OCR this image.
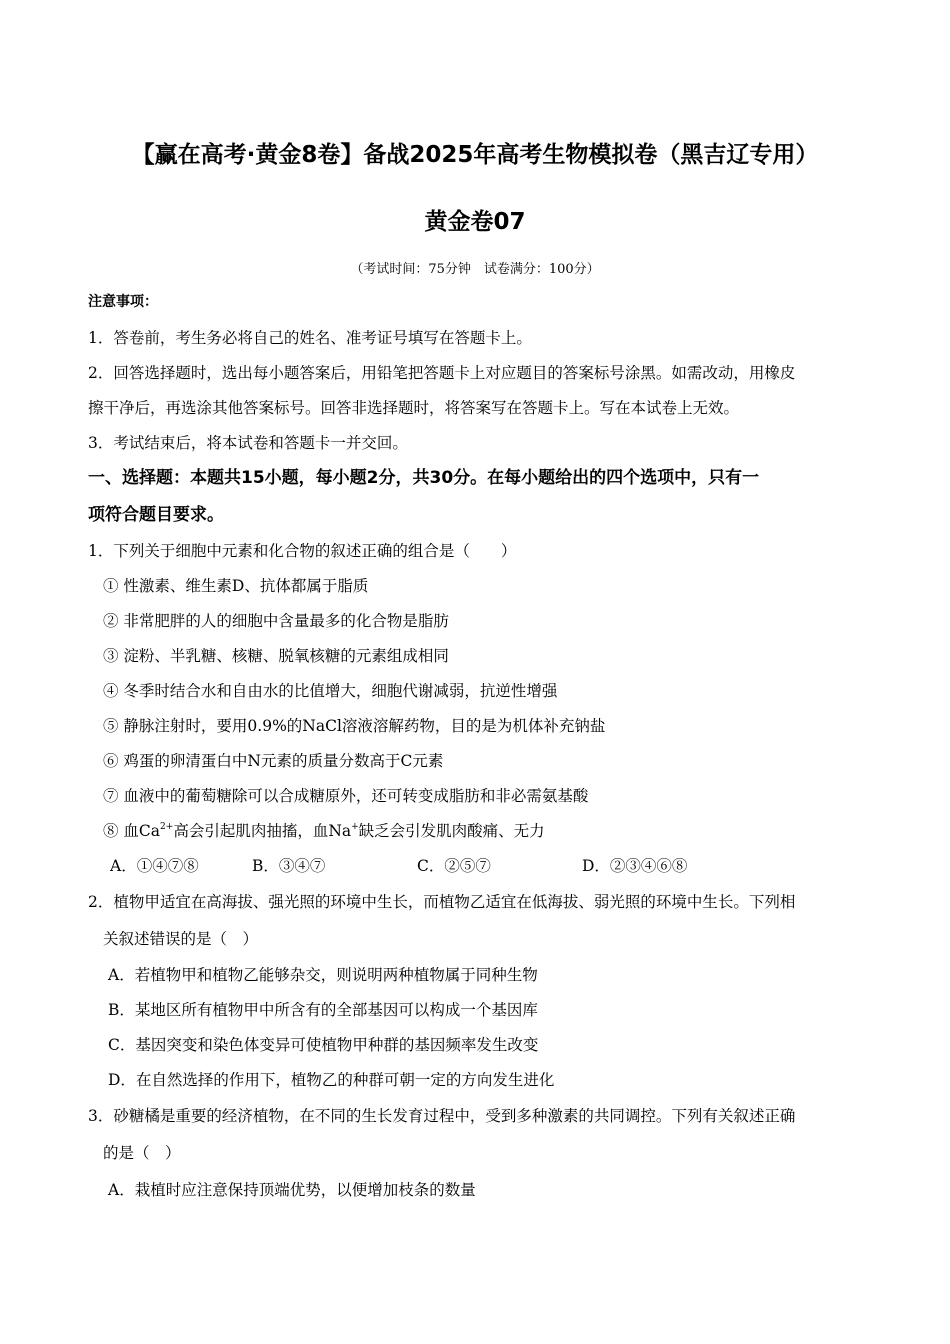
【赢在高考·黄金8卷】备战2025年高考生物模拟卷（黑吉辽专用）
黄金卷07
（考试时间：75分钟　试卷满分：100分）
注意事项：
1．答卷前，考生务必将自己的姓名、准考证号填写在答题卡上。
2．回答选择题时，选出每小题答案后，用铅笔把答题卡上对应题目的答案标号涂黑。如需改动，用橡皮
擦干净后，再选涂其他答案标号。回答非选择题时，将答案写在答题卡上。写在本试卷上无效。
3．考试结束后，将本试卷和答题卡一并交回。
一、选择题：本题共15小题，每小题2分，共30分。在每小题给出的四个选项中，只有一
项符合题目要求。
1．下列关于细胞中元素和化合物的叙述正确的组合是（　　）
① 性激素、维生素D、抗体都属于脂质
② 非常肥胖的人的细胞中含量最多的化合物是脂肪
③ 淀粉、半乳糖、核糖、脱氧核糖的元素组成相同
④ 冬季时结合水和自由水的比值增大，细胞代谢减弱，抗逆性增强
⑤ 静脉注射时，要用0.9%的NaCl溶液溶解药物，目的是为机体补充钠盐
⑥ 鸡蛋的卵清蛋白中N元素的质量分数高于C元素
⑦ 血液中的葡萄糖除可以合成糖原外，还可转变成脂肪和非必需氨基酸
⑧ 血$Ca^{2+}$高会引起肌肉抽搐，血Na+缺乏会引发肌肉酸痛、无力
A．①④⑦⑧	B．③④⑦	C．②⑤⑦	D．②③④⑥⑧
2．植物甲适宜在高海拔、强光照的环境中生长，而植物乙适宜在低海拔、弱光照的环境中生长。下列相
关叙述错误的是（　）
A．若植物甲和植物乙能够杂交，则说明两种植物属于同种生物
B．某地区所有植物甲中所含有的全部基因可以构成一个基因库
C．基因突变和染色体变异可使植物甲种群的基因频率发生改变
D．在自然选择的作用下，植物乙的种群可朝一定的方向发生进化
3．砂糖橘是重要的经济植物，在不同的生长发育过程中，受到多种激素的共同调控。下列有关叙述正确
的是（　）
A．栽植时应注意保持顶端优势，以便增加枝条的数量
